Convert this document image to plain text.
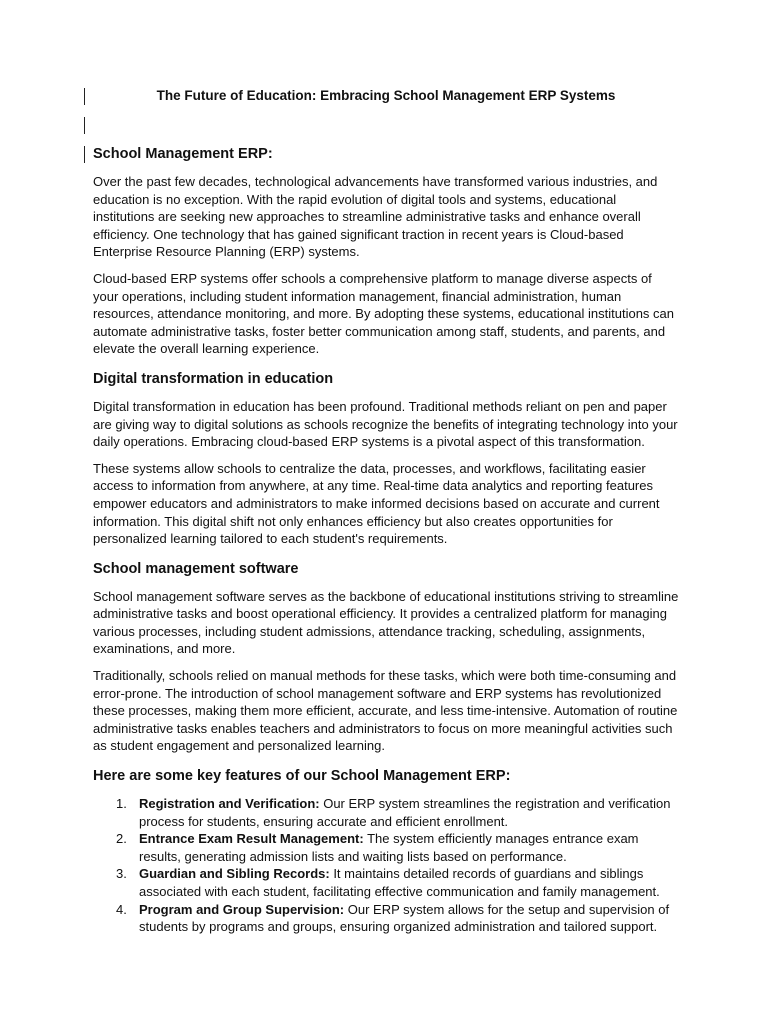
The Future of Education: Embracing School Management ERP Systems
School Management ERP:

Over the past few decades, technological advancements have transformed various industries, and education is no exception. With the rapid evolution of digital tools and systems, educational institutions are seeking new approaches to streamline administrative tasks and enhance overall efficiency. One technology that has gained significant traction in recent years is Cloud-based Enterprise Resource Planning (ERP) systems.

Cloud-based ERP systems offer schools a comprehensive platform to manage diverse aspects of your operations, including student information management, financial administration, human resources, attendance monitoring, and more. By adopting these systems, educational institutions can automate administrative tasks, foster better communication among staff, students, and parents, and elevate the overall learning experience.

Digital transformation in education

Digital transformation in education has been profound. Traditional methods reliant on pen and paper are giving way to digital solutions as schools recognize the benefits of integrating technology into your daily operations. Embracing cloud-based ERP systems is a pivotal aspect of this transformation.

These systems allow schools to centralize the data, processes, and workflows, facilitating easier access to information from anywhere, at any time. Real-time data analytics and reporting features empower educators and administrators to make informed decisions based on accurate and current information. This digital shift not only enhances efficiency but also creates opportunities for personalized learning tailored to each student's requirements.

School management software

School management software serves as the backbone of educational institutions striving to streamline administrative tasks and boost operational efficiency. It provides a centralized platform for managing various processes, including student admissions, attendance tracking, scheduling, assignments, examinations, and more.

Traditionally, schools relied on manual methods for these tasks, which were both time-consuming and error-prone. The introduction of school management software and ERP systems has revolutionized these processes, making them more efficient, accurate, and less time-intensive. Automation of routine administrative tasks enables teachers and administrators to focus on more meaningful activities such as student engagement and personalized learning.

Here are some key features of our School Management ERP:
1. Registration and Verification: Our ERP system streamlines the registration and verification process for students, ensuring accurate and efficient enrollment.
2. Entrance Exam Result Management: The system efficiently manages entrance exam results, generating admission lists and waiting lists based on performance.
3. Guardian and Sibling Records: It maintains detailed records of guardians and siblings associated with each student, facilitating effective communication and family management.
4. Program and Group Supervision: Our ERP system allows for the setup and supervision of students by programs and groups, ensuring organized administration and tailored support.
